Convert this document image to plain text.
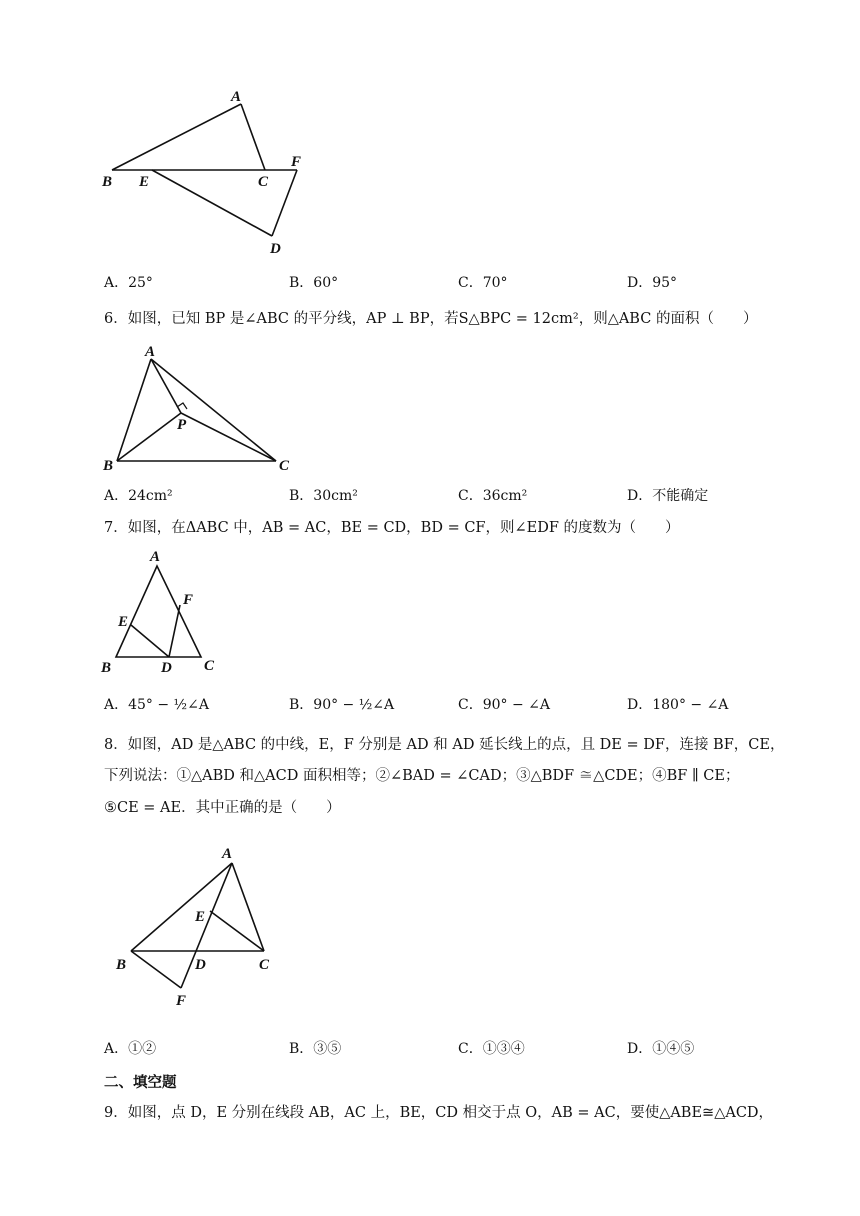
A
B E	C
F
D
A．25°	B．60°	C．70°	D．95°
6．如图，已知 BP 是∠ABC 的平分线，AP ⊥ BP，若S△BPC = 12cm²，则△ABC 的面积（　　）
A
P
B	C
A．24cm²	B．30cm²	C．36cm²	D．不能确定
7．如图，在ΔABC 中，AB = AC，BE = CD，BD = CF，则∠EDF 的度数为（　　）
A
F
E
B	D C
A．45° − ½∠A	B．90° − ½∠A	C．90° − ∠A	D．180° − ∠A
8．如图，AD 是△ABC 的中线，E，F 分别是 AD 和 AD 延长线上的点，且 DE = DF，连接 BF，CE，
下列说法：①△ABD 和△ACD 面积相等；②∠BAD = ∠CAD；③△BDF ≅△CDE；④BF ∥ CE；
⑤CE = AE．其中正确的是（　　）
A
E
B	D	C
F
A．①②	B．③⑤	C．①③④	D．①④⑤
二、填空题
9．如图，点 D，E 分别在线段 AB，AC 上，BE，CD 相交于点 O，AB = AC，要使△ABE≅△ACD，
